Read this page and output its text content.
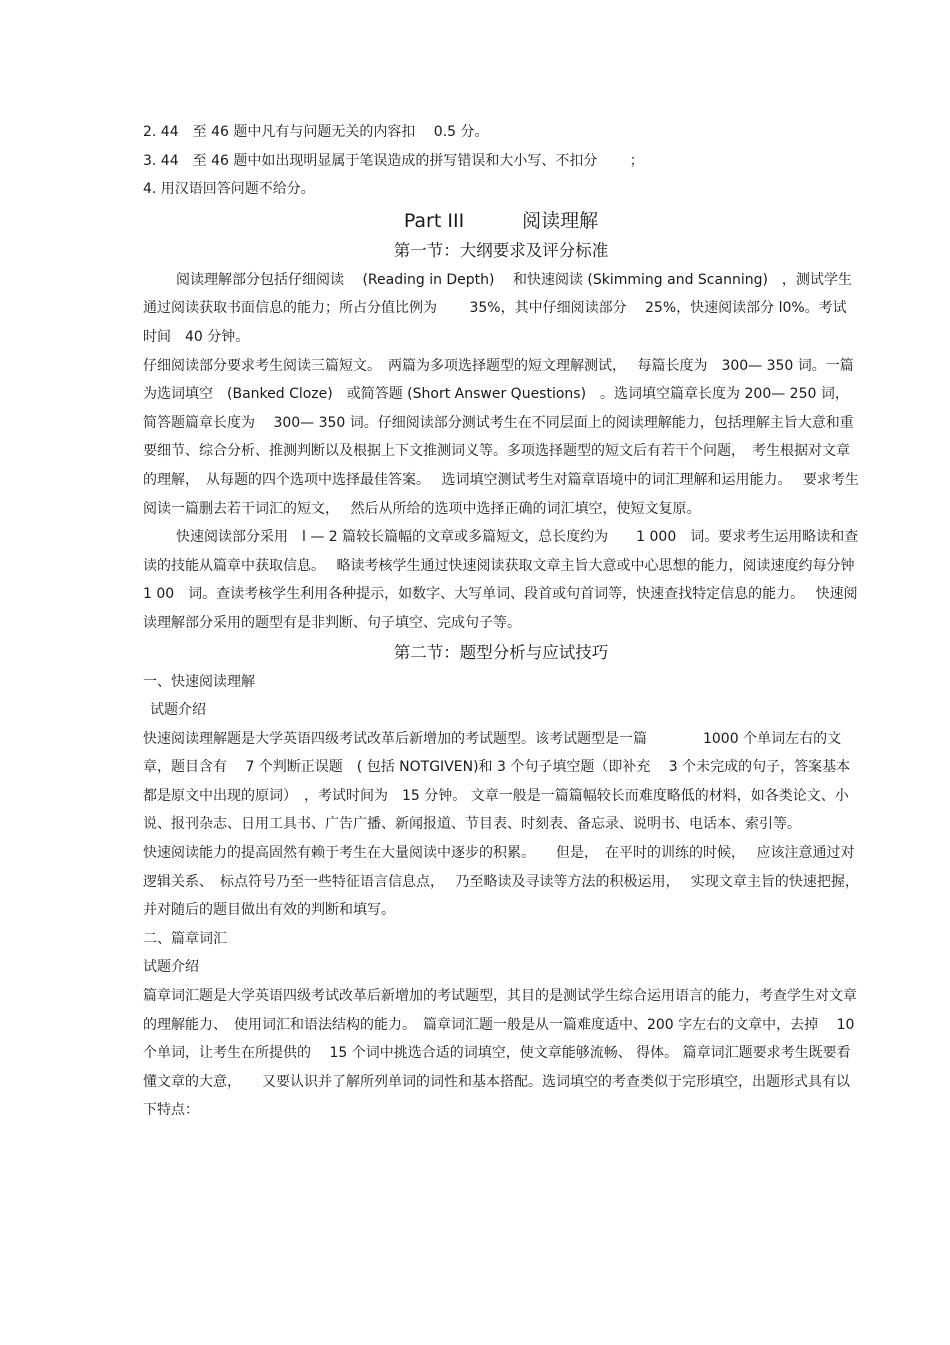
2. 44　至 46 题中凡有与问题无关的内容扣　 0.5 分。

3. 44　至 46 题中如出现明显属于笔误造成的拼写错误和大小写、不扣分　　 ；

4. 用汉语回答问题不给分。

Part III	阅读理解
第一节：大纲要求及评分标准

阅读理解部分包括仔细阅读　 (Reading in Depth)　 和快速阅读 (Skimming and Scanning)　，测试学生通过阅读获取书面信息的能力；所占分值比例为　　 35%，其中仔细阅读部分　 25%，快速阅读部分 l0%。考试时间　40 分钟。

仔细阅读部分要求考生阅读三篇短文。　两篇为多项选择题型的短文理解测试，　 每篇长度为　300— 350 词。一篇为选词填空　(Banked Cloze)　或简答题 (Short Answer Questions)　。选词填空篇章长度为 200— 250 词，简答题篇章长度为　 300— 350 词。仔细阅读部分测试考生在不同层面上的阅读理解能力，包括理解主旨大意和重要细节、综合分析、推测判断以及根据上下文推测词义等。多项选择题型的短文后有若干个问题，　考生根据对文章的理解，　从每题的四个选项中选择最佳答案。　 选词填空测试考生对篇章语境中的词汇理解和运用能力。　 要求考生阅读一篇删去若干词汇的短文，　 然后从所给的选项中选择正确的词汇填空，使短文复原。

快速阅读部分采用　l — 2 篇较长篇幅的文章或多篇短文，总长度约为　　1 000　词。要求考生运用略读和查读的技能从篇章中获取信息。　 略读考核学生通过快速阅读获取文章主旨大意或中心思想的能力，阅读速度约每分钟　 1 00　词。查读考核学生利用各种提示，如数字、大写单词、段首或句首词等，快速查找特定信息的能力。　 快速阅读理解部分采用的题型有是非判断、句子填空、完成句子等。

第二节：题型分析与应试技巧

一、快速阅读理解

试题介绍

快速阅读理解题是大学英语四级考试改革后新增加的考试题型。该考试题型是一篇　　　　1000 个单词左右的文章，题目含有　 7 个判断正误题　( 包括 NOTGIVEN)和 3 个句子填空题（即补充　 3 个未完成的句子，答案基本都是原文中出现的原词）　，考试时间为　15 分钟。 文章一般是一篇篇幅较长而难度略低的材料，如各类论文、小说、报刊杂志、日用工具书、广告广播、新闻报道、节目表、时刻表、备忘录、说明书、电话本、索引等。

快速阅读能力的提高固然有赖于考生在大量阅读中逐步的积累。　　但是，　在平时的训练的时候，　 应该注意通过对逻辑关系、　标点符号乃至一些特征语言信息点，　 乃至略读及寻读等方法的积极运用，　 实现文章主旨的快速把握，并对随后的题目做出有效的判断和填写。

二、篇章词汇

试题介绍

篇章词汇题是大学英语四级考试改革后新增加的考试题型，其目的是测试学生综合运用语言的能力，考查学生对文章的理解能力、　使用词汇和语法结构的能力。　篇章词汇题一般是从一篇难度适中、200 字左右的文章中，去掉　 10 个单词，让考生在所提供的　 15 个词中挑选合适的词填空，使文章能够流畅、 得体。 篇章词汇题要求考生既要看懂文章的大意，　　又要认识并了解所列单词的词性和基本搭配。选词填空的考查类似于完形填空，出题形式具有以下特点：
